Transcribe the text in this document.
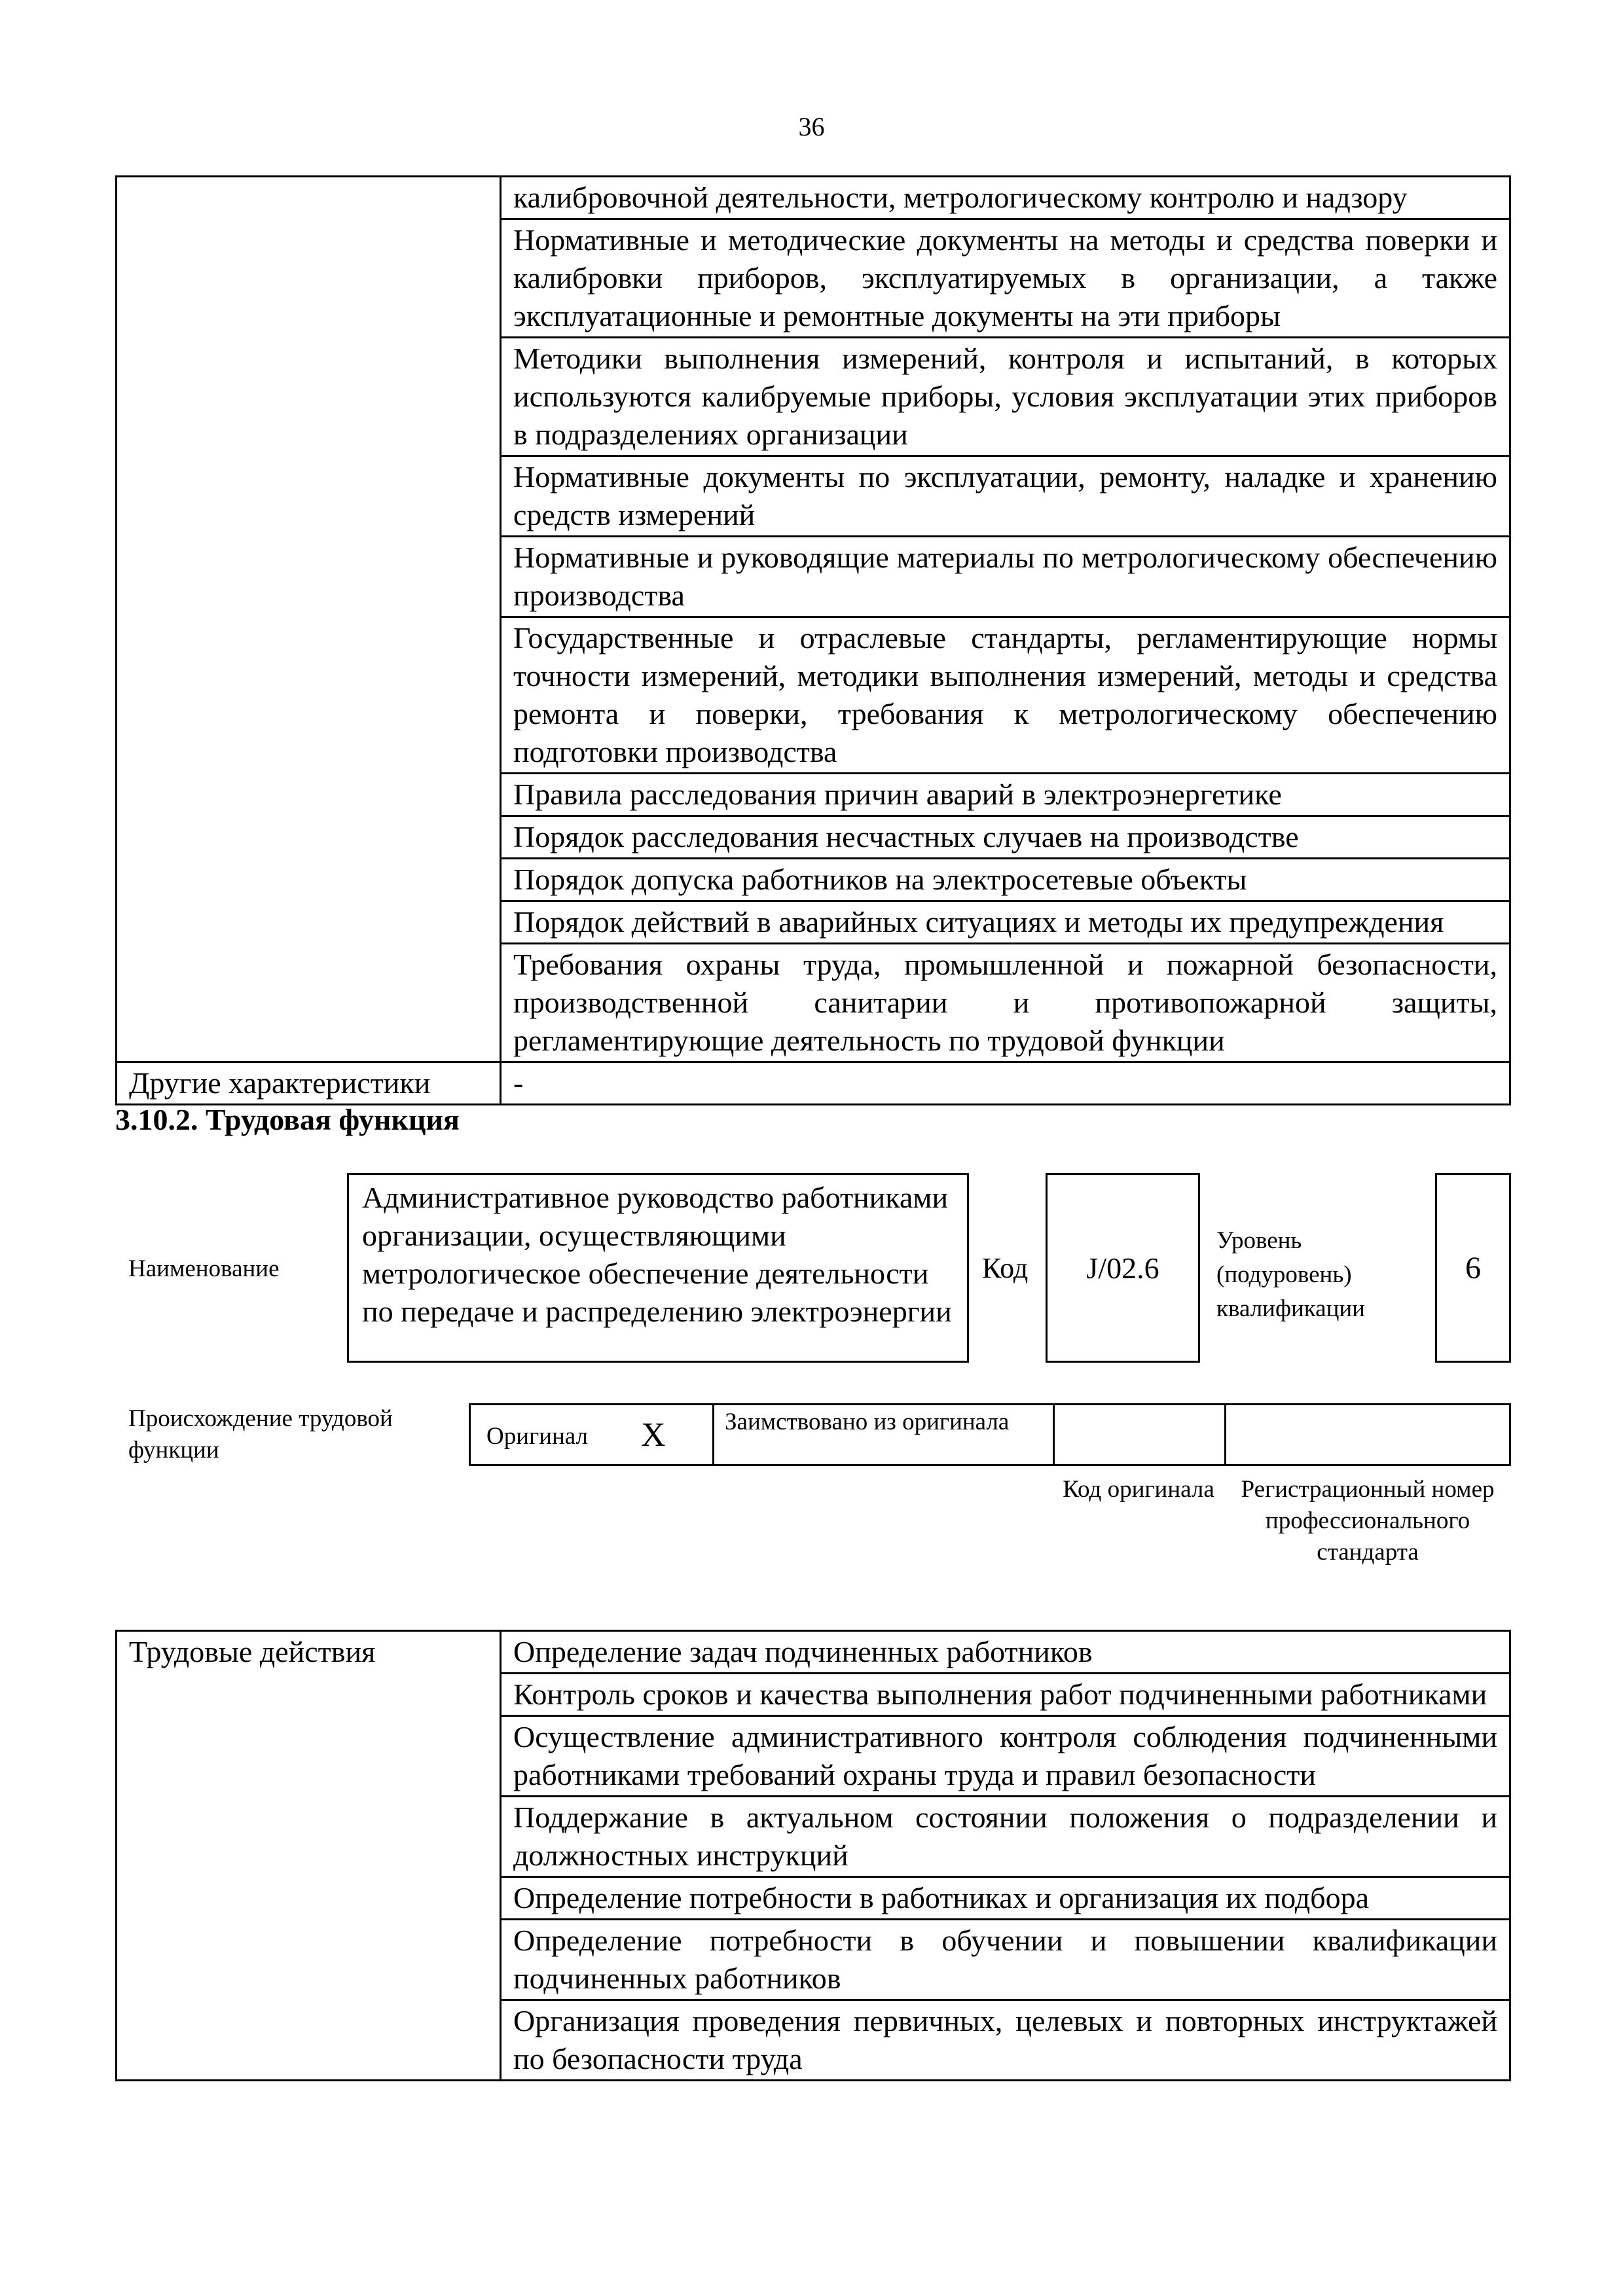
36
	калибровочной деятельности, метрологическому контролю и надзору
	Нормативные и методические документы на методы и средства поверки и калибровки приборов, эксплуатируемых в организации, а также эксплуатационные и ремонтные документы на эти приборы
	Методики выполнения измерений, контроля и испытаний, в которых используются калибруемые приборы, условия эксплуатации этих приборов в подразделениях организации
	Нормативные документы по эксплуатации, ремонту, наладке и хранению средств измерений
	Нормативные и руководящие материалы по метрологическому обеспечению производства
	Государственные и отраслевые стандарты, регламентирующие нормы точности измерений, методики выполнения измерений, методы и средства ремонта и поверки, требования к метрологическому обеспечению подготовки производства
	Правила расследования причин аварий в электроэнергетике
	Порядок расследования несчастных случаев на производстве
	Порядок допуска работников на электросетевые объекты
	Порядок действий в аварийных ситуациях и методы их предупреждения
	Требования охраны труда, промышленной и пожарной безопасности, производственной санитарии и противопожарной защиты, регламентирующие деятельность по трудовой функции
Другие характеристики	-
3.10.2. Трудовая функция
Наименование
Административное руководство работниками организации, осуществляющими метрологическое обеспечение деятельности по передаче и распределению электроэнергии
Код J/02.6
Уровень (подуровень) квалификации
6
Происхождение трудовой функции
Оригинал X	Заимствовано из оригинала
Код оригинала	Регистрационный номер профессионального стандарта
Трудовые действия	Определение задач подчиненных работников
Контроль сроков и качества выполнения работ подчиненными работниками
Осуществление административного контроля соблюдения подчиненными работниками требований охраны труда и правил безопасности
Поддержание в актуальном состоянии положения о подразделении и должностных инструкций
Определение потребности в работниках и организация их подбора
Определение потребности в обучении и повышении квалификации подчиненных работников
Организация проведения первичных, целевых и повторных инструктажей по безопасности труда
